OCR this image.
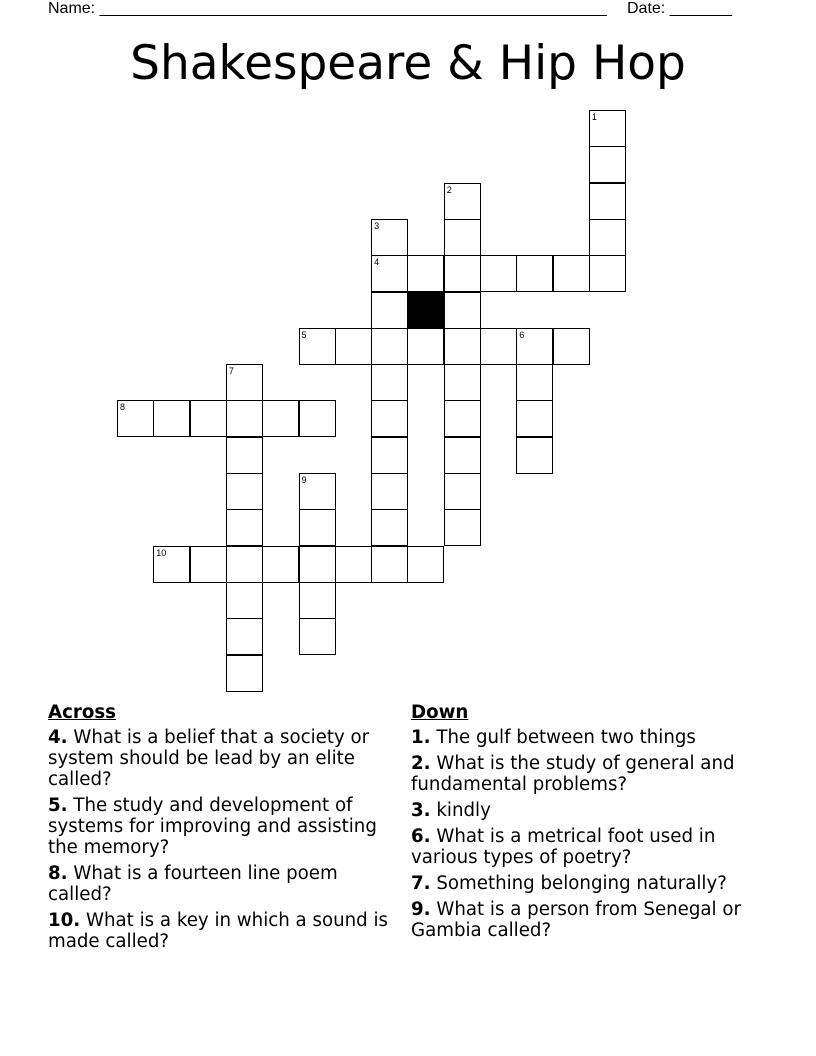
Name: _________________________________________________________ Date: _______
Shakespeare & Hip Hop
1
2
3
4
5	6
7
8
9
10
Across
4. What is a belief that a society or system should be lead by an elite called?
5. The study and development of systems for improving and assisting the memory?
8. What is a fourteen line poem called?
10. What is a key in which a sound is made called?
Down
1. The gulf between two things
2. What is the study of general and fundamental problems?
3. kindly
6. What is a metrical foot used in various types of poetry?
7. Something belonging naturally?
9. What is a person from Senegal or Gambia called?
